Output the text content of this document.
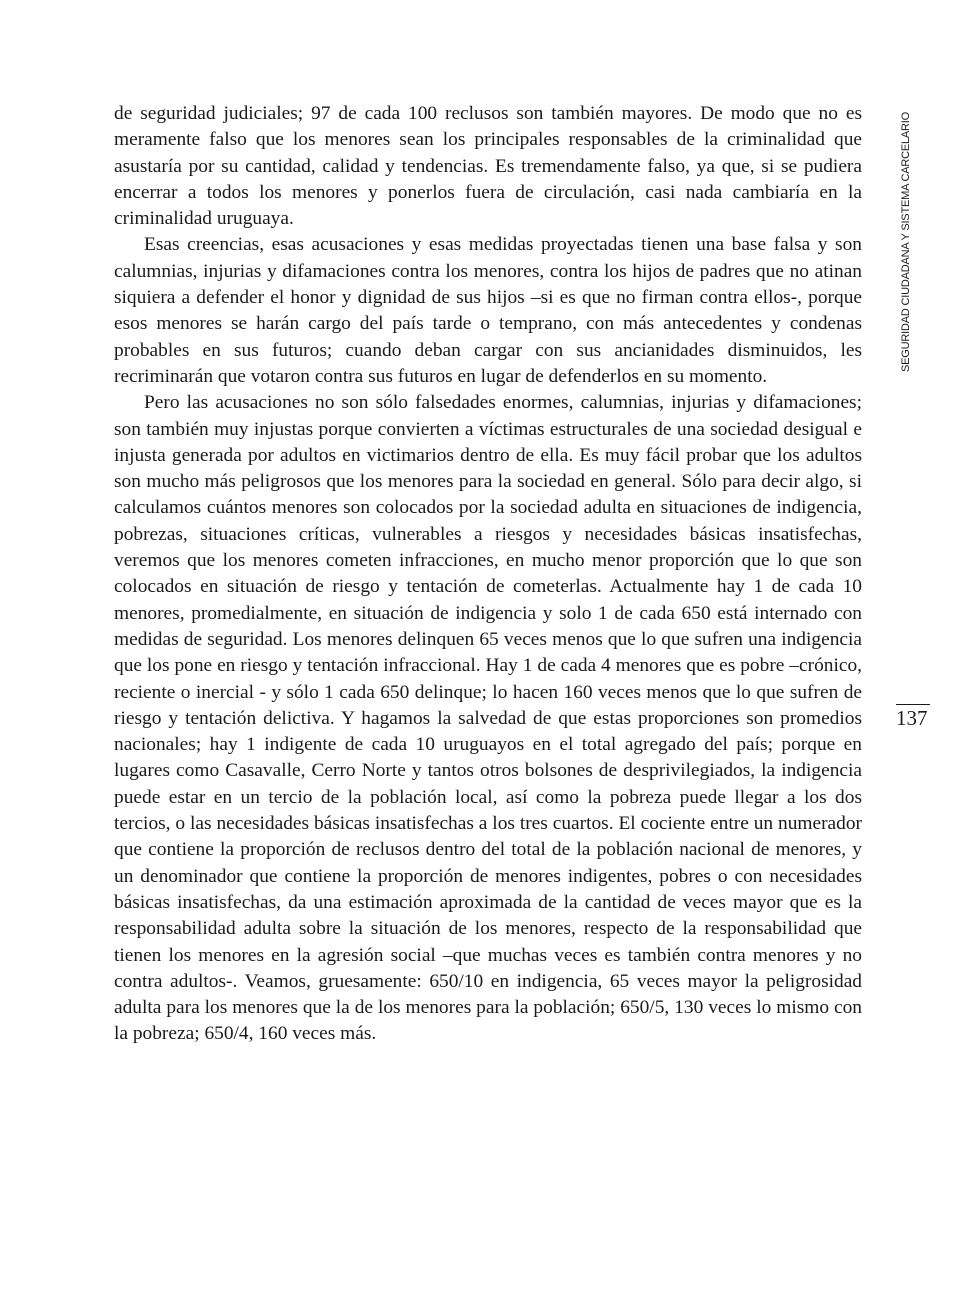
de seguridad judiciales; 97 de cada 100 reclusos son también mayores. De modo que no es meramente falso que los menores sean los principales responsables de la criminalidad que asustaría por su cantidad, calidad y tendencias. Es tremendamente falso, ya que, si se pudiera encerrar a todos los menores y ponerlos fuera de circulación, casi nada cambiaría en la criminalidad uruguaya.

Esas creencias, esas acusaciones y esas medidas proyectadas tienen una base falsa y son calumnias, injurias y difamaciones contra los menores, contra los hijos de padres que no atinan siquiera a defender el honor y dignidad de sus hijos –si es que no firman contra ellos-, porque esos menores se harán cargo del país tarde o temprano, con más antecedentes y condenas probables en sus futuros; cuando deban cargar con sus ancianidades disminuidos, les recriminarán que votaron contra sus futuros en lugar de defenderlos en su momento.

Pero las acusaciones no son sólo falsedades enormes, calumnias, injurias y difamaciones; son también muy injustas porque convierten a víctimas estructurales de una sociedad desigual e injusta generada por adultos en victimarios dentro de ella. Es muy fácil probar que los adultos son mucho más peligrosos que los menores para la sociedad en general. Sólo para decir algo, si calculamos cuántos menores son colocados por la sociedad adulta en situaciones de indigencia, pobrezas, situaciones críticas, vulnerables a riesgos y necesidades básicas insatisfechas, veremos que los menores cometen infracciones, en mucho menor proporción que lo que son colocados en situación de riesgo y tentación de cometerlas. Actualmente hay 1 de cada 10 menores, promedialmente, en situación de indigencia y solo 1 de cada 650 está internado con medidas de seguridad. Los menores delinquen 65 veces menos que lo que sufren una indigencia que los pone en riesgo y tentación infraccional. Hay 1 de cada 4 menores que es pobre –crónico, reciente o inercial - y sólo 1 cada 650 delinque; lo hacen 160 veces menos que lo que sufren de riesgo y tentación delictiva. Y hagamos la salvedad de que estas proporciones son promedios nacionales; hay 1 indigente de cada 10 uruguayos en el total agregado del país; porque en lugares como Casavalle, Cerro Norte y tantos otros bolsones de desprivilegiados, la indigencia puede estar en un tercio de la población local, así como la pobreza puede llegar a los dos tercios, o las necesidades básicas insatisfechas a los tres cuartos. El cociente entre un numerador que contiene la proporción de reclusos dentro del total de la población nacional de menores, y un denominador que contiene la proporción de menores indigentes, pobres o con necesidades básicas insatisfechas, da una estimación aproximada de la cantidad de veces mayor que es la responsabilidad adulta sobre la situación de los menores, respecto de la responsabilidad que tienen los menores en la agresión social –que muchas veces es también contra menores y no contra adultos-. Veamos, gruesamente: 650/10 en indigencia, 65 veces mayor la peligrosidad adulta para los menores que la de los menores para la población; 650/5, 130 veces lo mismo con la pobreza; 650/4, 160 veces más.

SEGURIDAD CIUDADANA Y SISTEMA CARCELARIO
137
